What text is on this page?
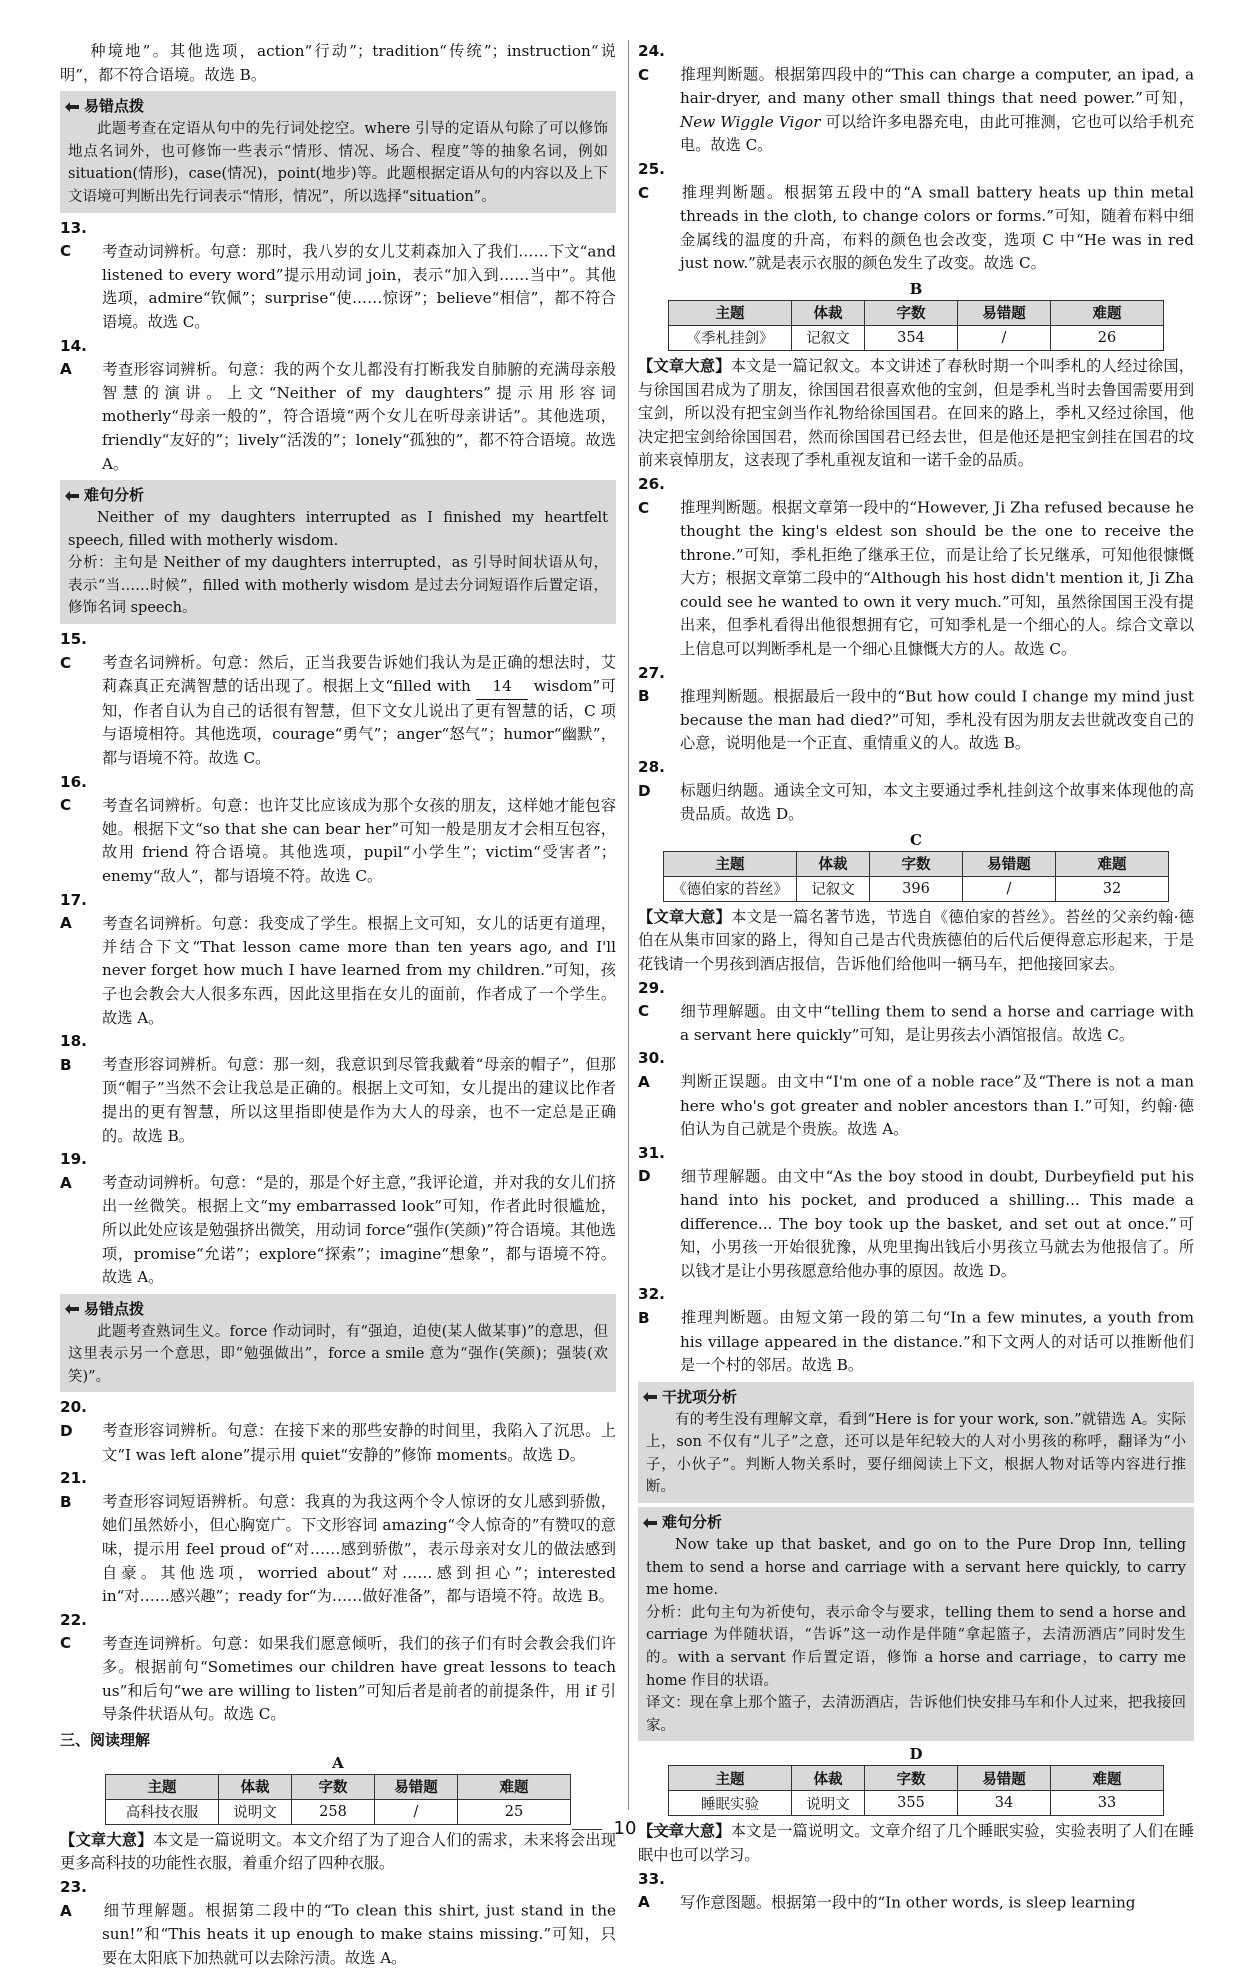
种境地”。其他选项，action“行动”；tradition“传统”；instruction“说明”，都不符合语境。故选 B。

易错点拨

此题考查在定语从句中的先行词处挖空。where 引导的定语从句除了可以修饰地点名词外，也可修饰一些表示“情形、情况、场合、程度”等的抽象名词，例如 situation(情形)，case(情况)，point(地步)等。此题根据定语从句的内容以及上下文语境可判断出先行词表示“情形，情况”，所以选择“situation”。

13. C 考查动词辨析。句意：那时，我八岁的女儿艾莉森加入了我们……下文“and listened to every word”提示用动词 join，表示“加入到……当中”。其他选项，admire“钦佩”；surprise“使……惊讶”；believe“相信”，都不符合语境。故选 C。

14. A 考查形容词辨析。句意：我的两个女儿都没有打断我发自肺腑的充满母亲般智慧的演讲。上文“Neither of my daughters”提示用形容词 motherly“母亲一般的”，符合语境“两个女儿在听母亲讲话”。其他选项，friendly“友好的”；lively“活泼的”；lonely“孤独的”，都不符合语境。故选 A。

难句分析

Neither of my daughters interrupted as I finished my heartfelt speech, filled with motherly wisdom.

分析：主句是 Neither of my daughters interrupted，as 引导时间状语从句，表示“当……时候”，filled with motherly wisdom 是过去分词短语作后置定语，修饰名词 speech。

15. C 考查名词辨析。句意：然后，正当我要告诉她们我认为是正确的想法时，艾莉森真正充满智慧的话出现了。根据上文“filled with 14 wisdom”可知，作者自认为自己的话很有智慧，但下文女儿说出了更有智慧的话，C 项与语境相符。其他选项，courage“勇气”；anger“怒气”；humor“幽默”，都与语境不符。故选 C。

16. C 考查名词辨析。句意：也许艾比应该成为那个女孩的朋友，这样她才能包容她。根据下文“so that she can bear her”可知一般是朋友才会相互包容，故用 friend 符合语境。其他选项，pupil“小学生”；victim“受害者”；enemy“敌人”，都与语境不符。故选 C。

17. A 考查名词辨析。句意：我变成了学生。根据上文可知，女儿的话更有道理，并结合下文“That lesson came more than ten years ago, and I'll never forget how much I have learned from my children.”可知，孩子也会教会大人很多东西，因此这里指在女儿的面前，作者成了一个学生。故选 A。

18. B 考查形容词辨析。句意：那一刻，我意识到尽管我戴着“母亲的帽子”，但那顶“帽子”当然不会让我总是正确的。根据上文可知，女儿提出的建议比作者提出的更有智慧，所以这里指即使是作为大人的母亲，也不一定总是正确的。故选 B。

19. A 考查动词辨析。句意：“是的，那是个好主意，”我评论道，并对我的女儿们挤出一丝微笑。根据上文“my embarrassed look”可知，作者此时很尴尬，所以此处应该是勉强挤出微笑，用动词 force“强作(笑颜)”符合语境。其他选项，promise“允诺”；explore“探索”；imagine“想象”，都与语境不符。故选 A。

易错点拨

此题考查熟词生义。force 作动词时，有“强迫，迫使(某人做某事)”的意思，但这里表示另一个意思，即“勉强做出”，force a smile 意为“强作(笑颜)；强装(欢笑)”。

20. D 考查形容词辨析。句意：在接下来的那些安静的时间里，我陷入了沉思。上文“I was left alone”提示用 quiet“安静的”修饰 moments。故选 D。

21. B 考查形容词短语辨析。句意：我真的为我这两个令人惊讶的女儿感到骄傲，她们虽然娇小，但心胸宽广。下文形容词 amazing“令人惊奇的”有赞叹的意味，提示用 feel proud of“对……感到骄傲”，表示母亲对女儿的做法感到自豪。其他选项，worried about“对……感到担心”；interested in“对……感兴趣”；ready for“为……做好准备”，都与语境不符。故选 B。

22. C 考查连词辨析。句意：如果我们愿意倾听，我们的孩子们有时会教会我们许多。根据前句“Sometimes our children have great lessons to teach us”和后句“we are willing to listen”可知后者是前者的前提条件，用 if 引导条件状语从句。故选 C。

三、阅读理解
A
主题	体裁	字数	易错题	难题
高科技衣服	说明文	258	/	25

【文章大意】本文是一篇说明文。本文介绍了为了迎合人们的需求，未来将会出现更多高科技的功能性衣服，着重介绍了四种衣服。

23. A 细节理解题。根据第二段中的“To clean this shirt, just stand in the sun!”和“This heats it up enough to make stains missing.”可知，只要在太阳底下加热就可以去除污渍。故选 A。

24. C 推理判断题。根据第四段中的“This can charge a computer, an ipad, a hair-dryer, and many other small things that need power.”可知，New Wiggle Vigor 可以给许多电器充电，由此可推测，它也可以给手机充电。故选 C。

25. C 推理判断题。根据第五段中的“A small battery heats up thin metal threads in the cloth, to change colors or forms.”可知，随着布料中细金属线的温度的升高，布料的颜色也会改变，选项 C 中“He was in red just now.”就是表示衣服的颜色发生了改变。故选 C。

B
主题	体裁	字数	易错题	难题
《季札挂剑》	记叙文	354	/	26

【文章大意】本文是一篇记叙文。本文讲述了春秋时期一个叫季札的人经过徐国，与徐国国君成为了朋友，徐国国君很喜欢他的宝剑，但是季札当时去鲁国需要用到宝剑，所以没有把宝剑当作礼物给徐国国君。在回来的路上，季札又经过徐国，他决定把宝剑给徐国国君，然而徐国国君已经去世，但是他还是把宝剑挂在国君的坟前来哀悼朋友，这表现了季札重视友谊和一诺千金的品质。

26. C 推理判断题。根据文章第一段中的“However, Ji Zha refused because he thought the king's eldest son should be the one to receive the throne.”可知，季札拒绝了继承王位，而是让给了长兄继承，可知他很慷慨大方；根据文章第二段中的“Although his host didn't mention it, Ji Zha could see he wanted to own it very much.”可知，虽然徐国国王没有提出来，但季札看得出他很想拥有它，可知季札是一个细心的人。综合文章以上信息可以判断季札是一个细心且慷慨大方的人。故选 C。

27. B 推理判断题。根据最后一段中的“But how could I change my mind just because the man had died?”可知，季札没有因为朋友去世就改变自己的心意，说明他是一个正直、重情重义的人。故选 B。

28. D 标题归纳题。通读全文可知，本文主要通过季札挂剑这个故事来体现他的高贵品质。故选 D。

C
主题	体裁	字数	易错题	难题
《德伯家的苔丝》	记叙文	396	/	32

【文章大意】本文是一篇名著节选，节选自《德伯家的苔丝》。苔丝的父亲约翰·德伯在从集市回家的路上，得知自己是古代贵族德伯的后代后便得意忘形起来，于是花钱请一个男孩到酒店报信，告诉他们给他叫一辆马车，把他接回家去。

29. C 细节理解题。由文中“telling them to send a horse and carriage with a servant here quickly”可知，是让男孩去小酒馆报信。故选 C。

30. A 判断正误题。由文中“I'm one of a noble race”及“There is not a man here who's got greater and nobler ancestors than I.”可知，约翰·德伯认为自己就是个贵族。故选 A。

31. D 细节理解题。由文中“As the boy stood in doubt, Durbeyfield put his hand into his pocket, and produced a shilling... This made a difference... The boy took up the basket, and set out at once.”可知，小男孩一开始很犹豫，从兜里掏出钱后小男孩立马就去为他报信了。所以钱才是让小男孩愿意给他办事的原因。故选 D。

32. B 推理判断题。由短文第一段的第二句“In a few minutes, a youth from his village appeared in the distance.”和下文两人的对话可以推断他们是一个村的邻居。故选 B。

干扰项分析

有的考生没有理解文章，看到“Here is for your work, son.”就错选 A。实际上，son 不仅有“儿子”之意，还可以是年纪较大的人对小男孩的称呼，翻译为“小子，小伙子”。判断人物关系时，要仔细阅读上下文，根据人物对话等内容进行推断。

难句分析

Now take up that basket, and go on to the Pure Drop Inn, telling them to send a horse and carriage with a servant here quickly, to carry me home.

分析：此句主句为祈使句，表示命令与要求，telling them to send a horse and carriage 为伴随状语，“告诉”这一动作是伴随“拿起篮子，去清沥酒店”同时发生的。with a servant 作后置定语，修饰 a horse and carriage，to carry me home 作目的状语。

译文：现在拿上那个篮子，去清沥酒店，告诉他们快安排马车和仆人过来，把我接回家。

D
主题	体裁	字数	易错题	难题
睡眠实验	说明文	355	34	33

【文章大意】本文是一篇说明文。文章介绍了几个睡眠实验，实验表明了人们在睡眠中也可以学习。

33. A 写作意图题。根据第一段中的“In other words, is sleep learning

10
